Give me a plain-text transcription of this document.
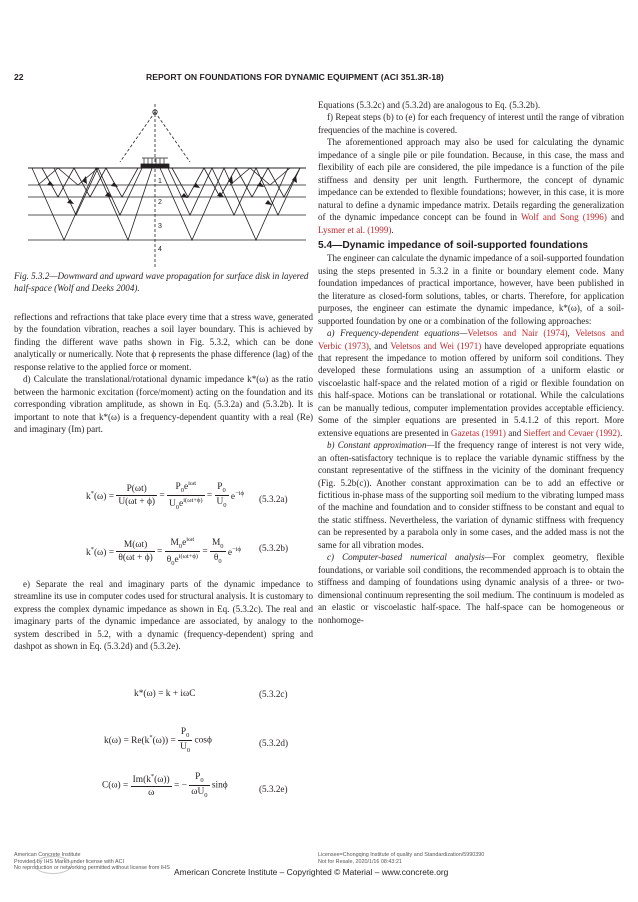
22	REPORT ON FOUNDATIONS FOR DYNAMIC EQUIPMENT (ACI 351.3R-18)
1
2
3
4
Fig. 5.3.2—Downward and upward wave propagation for surface disk in layered half-space (Wolf and Deeks 2004).

reflections and refractions that take place every time that a stress wave, generated by the foundation vibration, reaches a soil layer boundary. This is achieved by finding the different wave paths shown in Fig. 5.3.2, which can be done analytically or numerically. Note that ϕ represents the phase difference (lag) of the response relative to the applied force or moment.

d) Calculate the translational/rotational dynamic impedance k*(ω) as the ratio between the harmonic excitation (force/moment) acting on the foundation and its corresponding vibration amplitude, as shown in Eq. (5.3.2a) and (5.3.2b). It is important to note that k*(ω) is a frequency-dependent quantity with a real (Re) and imaginary (Im) part.

$k^*(\omega) = \frac{P(\omega t)}{U(\omega t + \phi)} = \frac{P_0e^{i\omega t}}{U_0e^{i(\omega t+\phi)}} = \frac{P_0}{U_0} e^{-i\phi}$
(5.3.2a)
$k^*(\omega) = \frac{M(\omega t)}{\theta(\omega t + \phi)} = \frac{M_0e^{i\omega t}}{\theta_0e^{i(\omega t+\phi)}} = \frac{M_0}{\theta_0} e^{-i\phi}$ (5.3.2b)

e) Separate the real and imaginary parts of the dynamic impedance to streamline its use in computer codes used for structural analysis. It is customary to express the complex dynamic impedance as shown in Eq. (5.3.2c). The real and imaginary parts of the dynamic impedance are associated, by analogy to the system described in 5.2, with a dynamic (frequency-dependent) spring and dashpot as shown in Eq. (5.3.2d) and (5.3.2e).

k*(ω) = k + iωC	(5.3.2c)
$k(\omega) = Re(k^*(\omega)) = \frac{P_0}{U_0}$ cosϕ	(5.3.2d)
$C(\omega) = \frac{Im(k^*(\omega))}{\omega}$ = − $\frac{P_0}{\omega U_0}$ sinϕ	(5.3.2e)

Equations (5.3.2c) and (5.3.2d) are analogous to Eq. (5.3.2b).

f) Repeat steps (b) to (e) for each frequency of interest until the range of vibration frequencies of the machine is covered.

The aforementioned approach may also be used for calculating the dynamic impedance of a single pile or pile foundation. Because, in this case, the mass and flexibility of each pile are considered, the pile impedance is a function of the pile stiffness and density per unit length. Furthermore, the concept of dynamic impedance can be extended to flexible foundations; however, in this case, it is more natural to define a dynamic impedance matrix. Details regarding the generalization of the dynamic impedance concept can be found in Wolf and Song (1996) and Lysmer et al. (1999).

5.4—Dynamic impedance of soil-supported foundations

The engineer can calculate the dynamic impedance of a soil-supported foundation using the steps presented in 5.3.2 in a finite or boundary element code. Many foundation impedances of practical importance, however, have been published in the literature as closed-form solutions, tables, or charts. Therefore, for application purposes, the engineer can estimate the dynamic impedance, k*(ω), of a soil-supported foundation by one or a combination of the following approaches:

a) Frequency-dependent equations—Veletsos and Nair (1974), Veletsos and Verbic (1973), and Veletsos and Wei (1971) have developed appropriate equations that represent the impedance to motion offered by uniform soil conditions. They developed these formulations using an assumption of a uniform elastic or viscoelastic half-space and the related motion of a rigid or flexible foundation on this half-space. Motions can be translational or rotational. While the calculations can be manually tedious, computer implementation provides acceptable efficiency. Some of the simpler equations are presented in 5.4.1.2 of this report. More extensive equations are presented in Gazetas (1991) and Sieffert and Cevaer (1992).

b) Constant approximation—If the frequency range of interest is not very wide, an often-satisfactory technique is to replace the variable dynamic stiffness by the constant representative of the stiffness in the vicinity of the dominant frequency (Fig. 5.2b(c)). Another constant approximation can be to add an effective or fictitious in-phase mass of the supporting soil medium to the vibrating lumped mass of the machine and foundation and to consider stiffness to be constant and equal to the static stiffness. Nevertheless, the variation of dynamic stiffness with frequency can be represented by a parabola only in some cases, and the added mass is not the same for all vibration modes.

c) Computer-based numerical analysis—For complex geometry, flexible foundations, or variable soil conditions, the recommended approach is to obtain the stiffness and damping of foundations using dynamic analysis of a three- or two-dimensional continuum representing the soil medium. The continuum is modeled as an elastic or viscoelastic half-space. The half-space can be homogeneous or nonhomoge-

American Concrete Institute
Provided by IHS Markit under license with ACI
No reproduction or networking permitted without license from IHS American Concrete Institute – Copyrighted © Material – www.concrete.org
Licensee=Chongqing Institute of quality and Standardization/5990390
Not for Resale, 2020/1/16 08:43:21
